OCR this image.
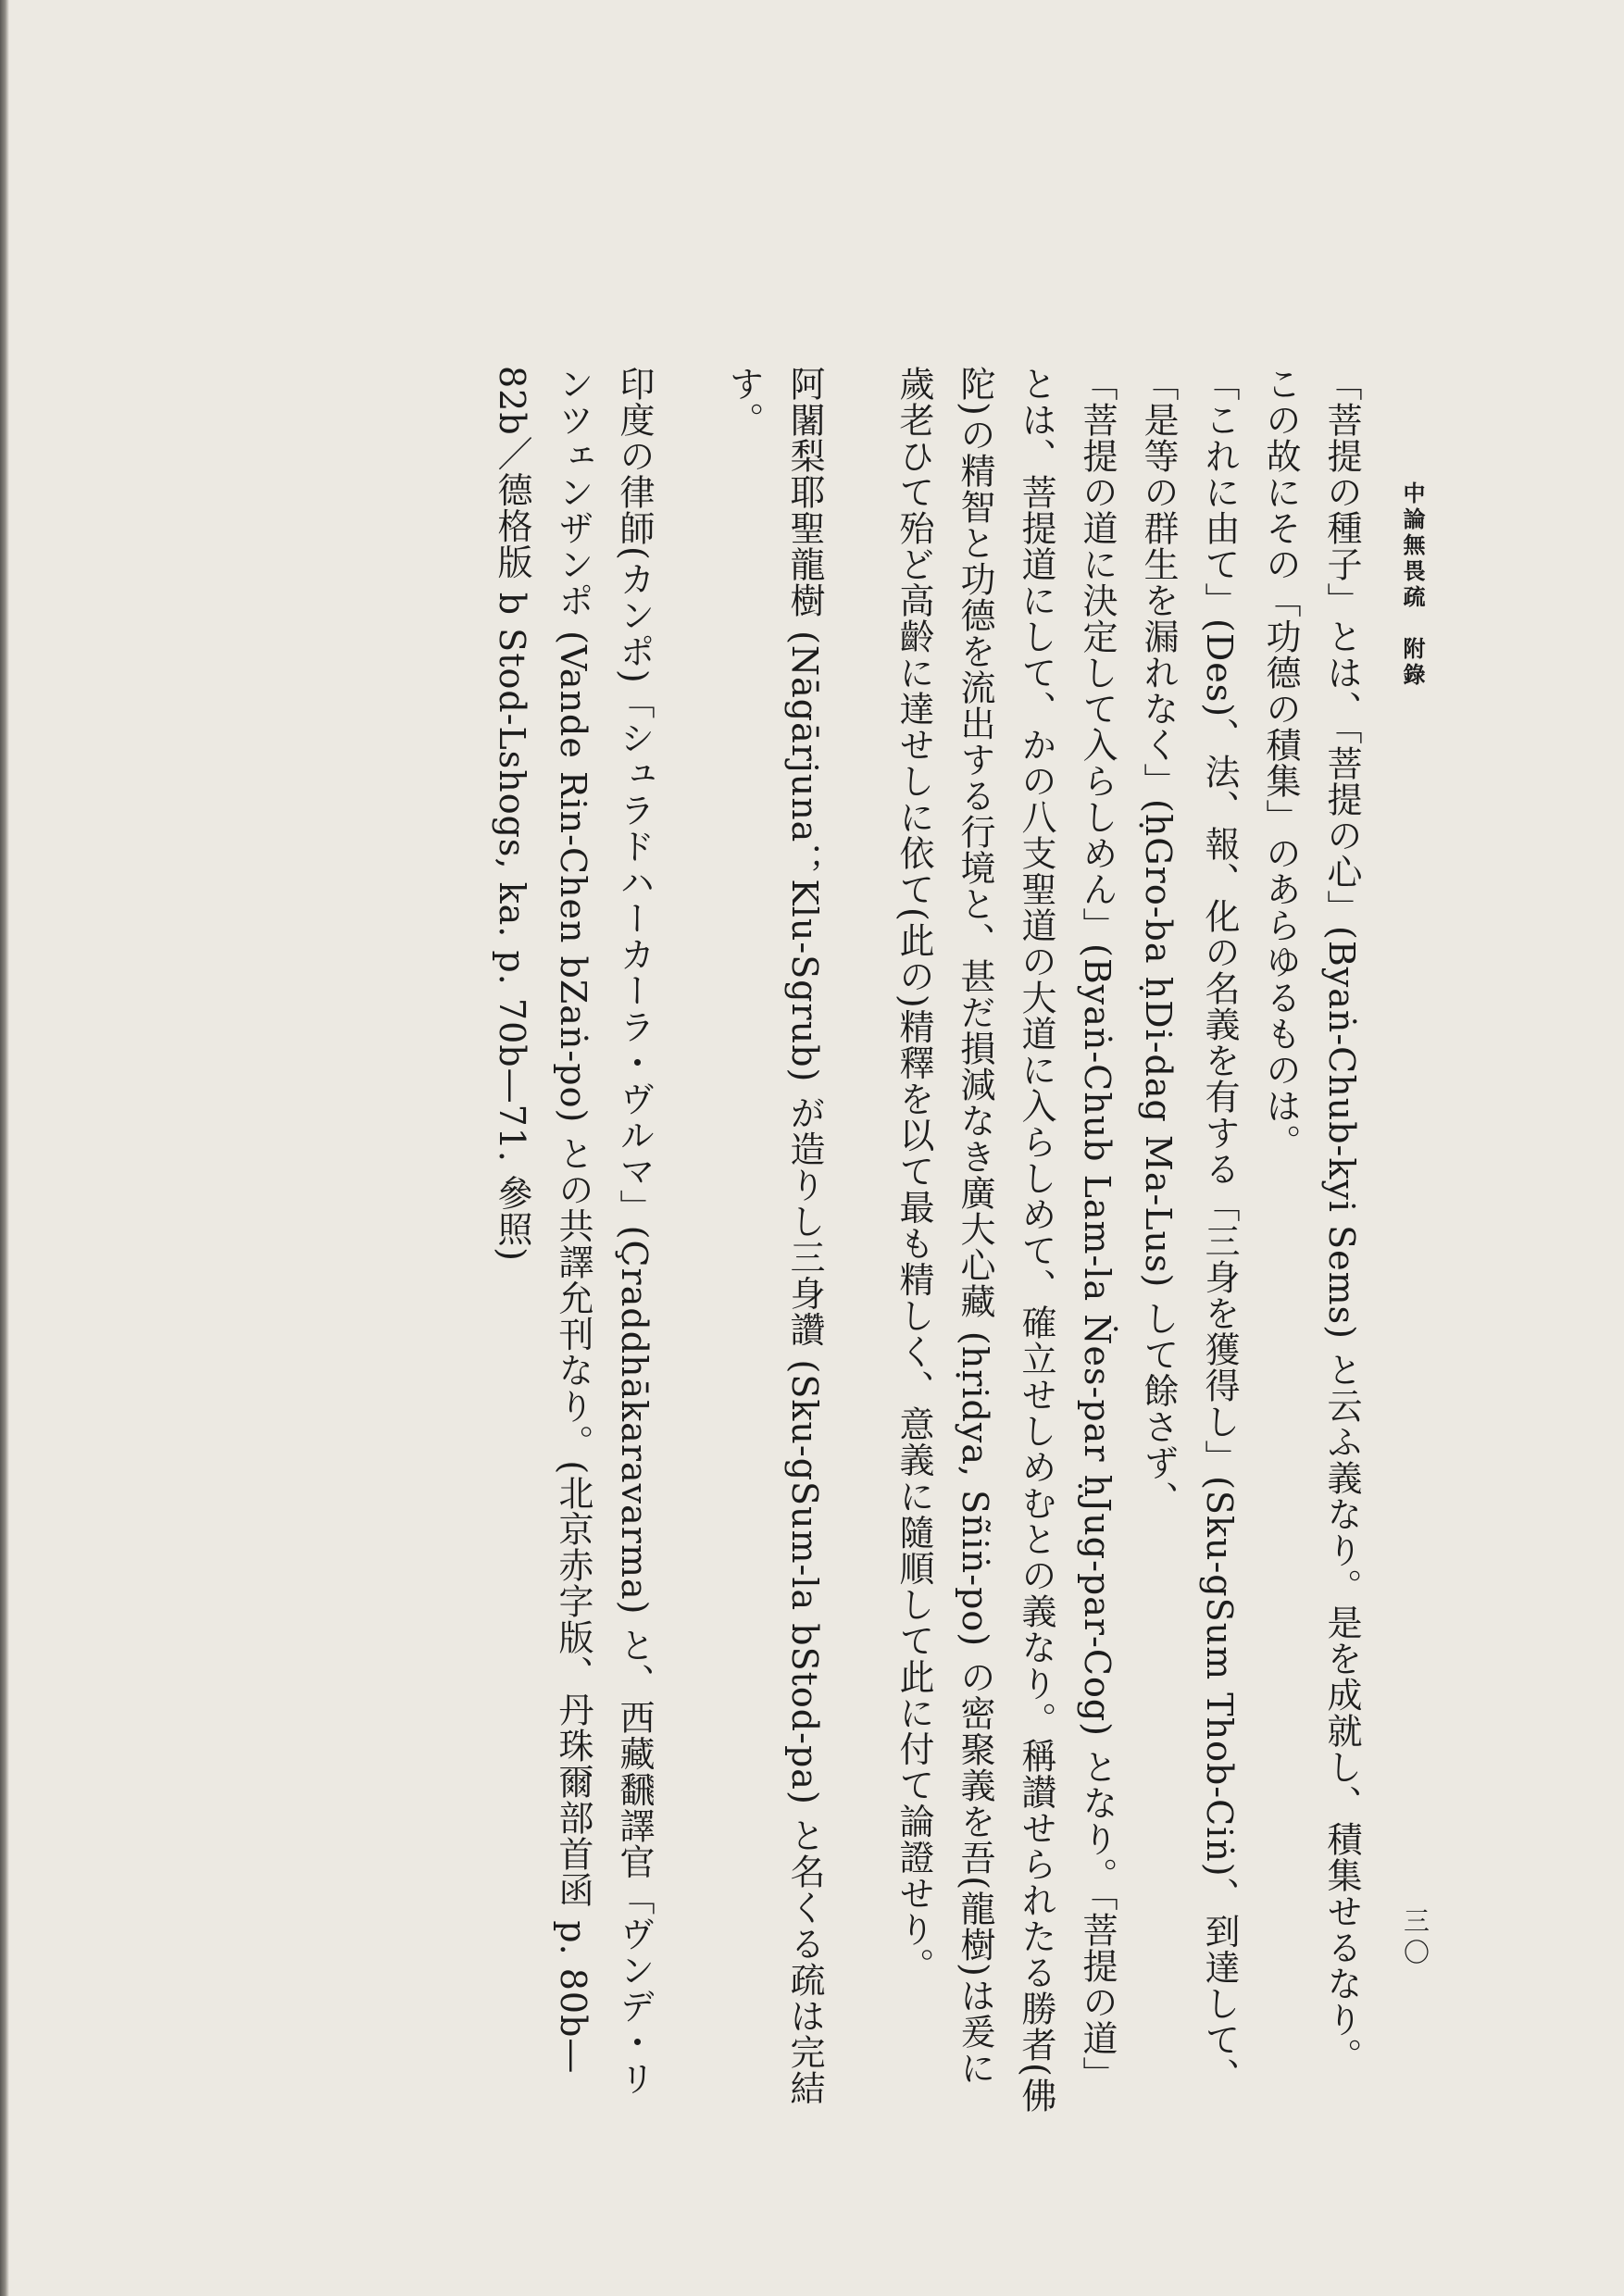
中論無畏疏　附錄
三〇

「菩提の種子」とは、「菩提の心」(Byaṅ-Chub-kyi Sems) と云ふ義なり。是を成就し、積集せるなり。

この故にその「功德の積集」のあらゆるものは。

「これに由て」(Des)、法、報、化の名義を有する「三身を獲得し」(Sku-gSum Thob-Ciṅ)、到達して、

「是等の群生を漏れなく」(ḥGro-ba ḥDi-dag Ma-Lus) して餘さず、

「菩提の道に決定して入らしめん」(Byaṅ-Chub Lam-la Ṅes-par ḥJug-par-Cog) となり。「菩提の道」とは、菩提道にして、かの八支聖道の大道に入らしめて、確立せしめむとの義なり。稱讃せられたる勝者(佛陀)の精智と功德を流出する行境と、甚だ損減なき廣大心藏 (hṛidya, Sñiṅ-po) の密聚義を吾(龍樹)は爰に歲老ひて殆ど高齡に達せしに依て(此の)精釋を以て最も精しく、意義に隨順して此に付て論證せり。

阿闍梨耶聖龍樹 (Nāgārjuna；Klu-Sgrub) が造りし三身讚 (Sku-gSum-la bStod-pa) と名くる疏は完結す。

印度の律師(カンポ)「シュラドハーカーラ・ヴルマ」(Çraddhākaravarma) と、西藏飜譯官「ヴンデ・リンツェンザンポ (Vande Rin-Chen bZaṅ-po) との共譯允刊なり。(北京赤字版、丹珠爾部首函 p. 80b—82b／德格版 b Stod-Lshogs, ka. p. 70b—71. 參照)
